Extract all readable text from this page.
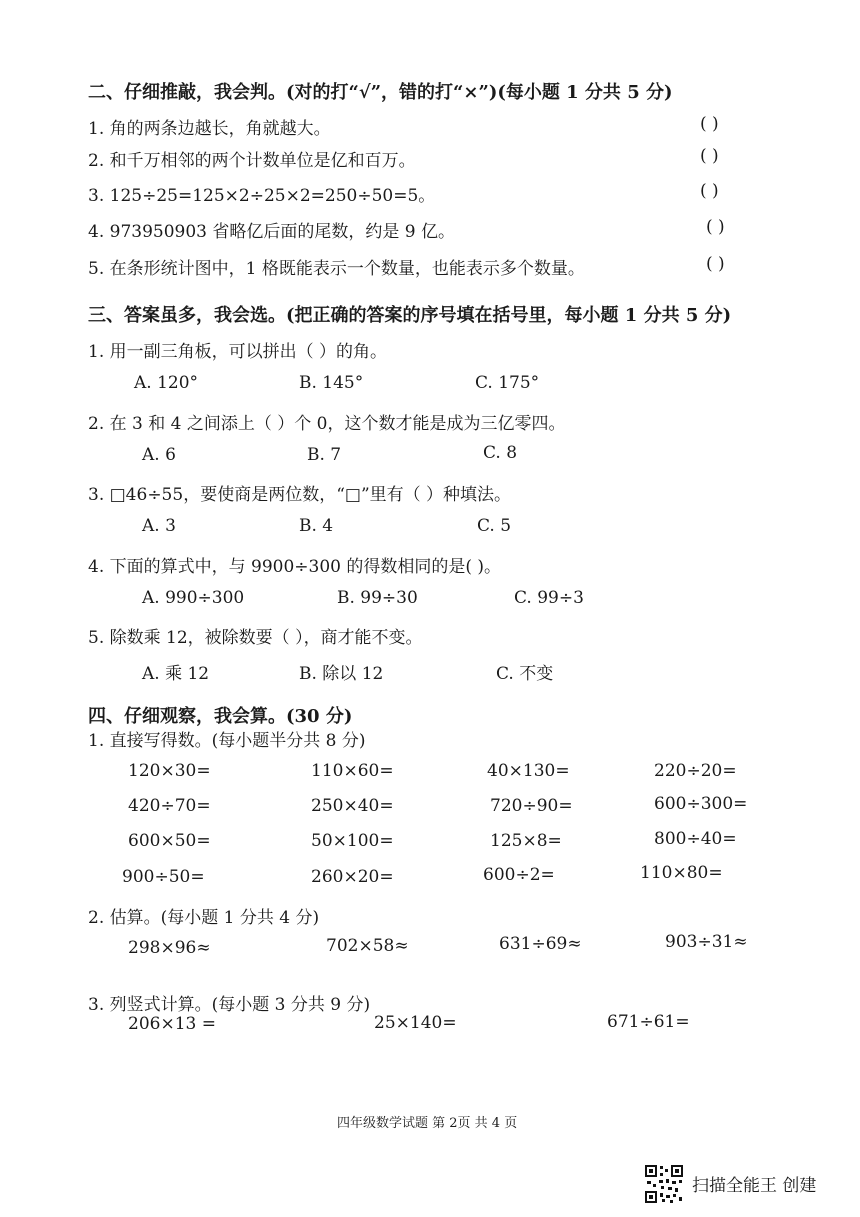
二、仔细推敲，我会判。(对的打“√”，错的打“×”)(每小题 1 分共 5 分)
1. 角的两条边越长，角就越大。	( )
2. 和千万相邻的两个计数单位是亿和百万。	( )
3. 125÷25=125×2÷25×2=250÷50=5。	( )
4. 973950903 省略亿后面的尾数，约是 9 亿。	( )
5. 在条形统计图中，1 格既能表示一个数量，也能表示多个数量。	( )
三、答案虽多，我会选。(把正确的答案的序号填在括号里，每小题 1 分共 5 分)
1. 用一副三角板，可以拼出（ ）的角。
A. 120°	B. 145°	C. 175°
2. 在 3 和 4 之间添上（ ）个 0，这个数才能是成为三亿零四。
A. 6	B. 7	C. 8
3. □46÷55，要使商是两位数，“□”里有（ ）种填法。
A. 3	B. 4	C. 5
4. 下面的算式中，与 9900÷300 的得数相同的是( )。
A. 990÷300	B. 99÷30	C. 99÷3
5. 除数乘 12，被除数要（ ），商才能不变。
A. 乘 12	B. 除以 12	C. 不变
四、仔细观察，我会算。(30 分)
1. 直接写得数。(每小题半分共 8 分)
120×30=	110×60=	40×130=	220÷20=
420÷70=	250×40=	720÷90=	600÷300=
600×50=	50×100=	125×8=	800÷40=
900÷50=	260×20=	600÷2=	110×80=
2. 估算。(每小题 1 分共 4 分)
298×96≈	702×58≈	631÷69≈	903÷31≈
3. 列竖式计算。(每小题 3 分共 9 分)
206×13 =	25×140=	671÷61=
四年级数学试题 第 2页 共 4 页
扫描全能王 创建
